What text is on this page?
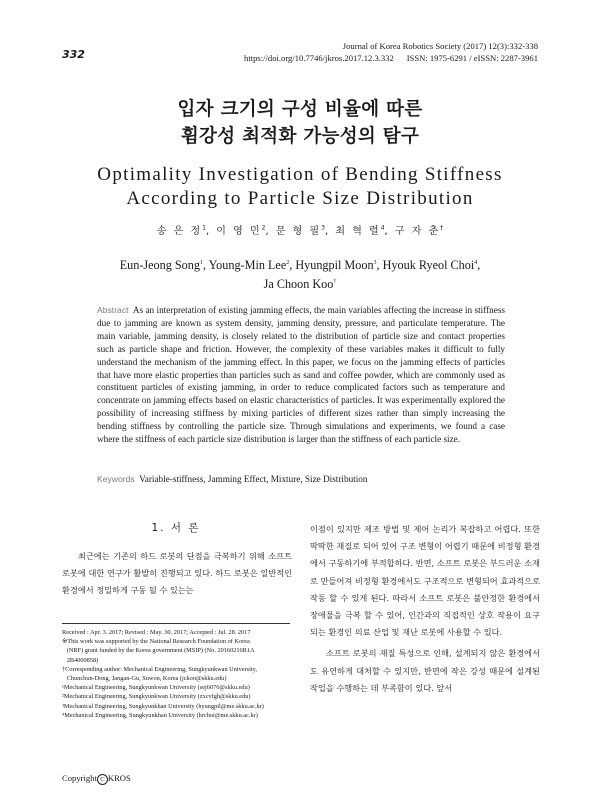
332
Journal of Korea Robotics Society (2017) 12(3):332-338
https://doi.org/10.7746/jkros.2017.12.3.332      ISSN: 1975-6291 / eISSN: 2287-3961
입자 크기의 구성 비율에 따른
휨강성 최적화 가능성의 탐구
Optimality Investigation of Bending Stiffness
According to Particle Size Distribution
송 은 정$^1$, 이 영 민$^2$, 문 형 필$^3$, 최 혁 렬$^4$, 구 자 춘†
Eun-Jeong Song$^1$, Young-Min Lee$^2$, Hyungpil Moon$^3$, Hyouk Ryeol Choi$^4$,
Ja Choon Koo†
Abstract As an interpretation of existing jamming effects, the main variables affecting the increase in stiffness due to jamming are known as system density, jamming density, pressure, and particulate temperature. The main variable, jamming density, is closely related to the distribution of particle size and contact properties such as particle shape and friction. However, the complexity of these variables makes it difficult to fully understand the mechanism of the jamming effect. In this paper, we focus on the jamming effects of particles that have more elastic properties than particles such as sand and coffee powder, which are commonly used as constituent particles of existing jamming, in order to reduce complicated factors such as temperature and concentrate on jamming effects based on elastic characteristics of particles. It was experimentally explored the possibility of increasing stiffness by mixing particles of different sizes rather than simply increasing the bending stiffness by controlling the particle size. Through simulations and experiments, we found a case where the stiffness of each particle size distribution is larger than the stiffness of each particle size.
Keywords Variable-stiffness, Jamming Effect, Mixture, Size Distribution
1. 서 론

최근에는 기존의 하드 로봇의 단점을 극복하기 위해 소프트 로봇에 대한 연구가 활발히 진행되고 있다. 하드 로봇은 일반적인 환경에서 정밀하게 구동 될 수 있는는

Received : Apr. 3. 2017; Revised : May. 30. 2017; Accepted : Jul. 28. 2017
※This work was supported by the National Research Foundation of Korea
(NRF) grant funded by the Korea government (MSIP) (No. 20160216R1A
2B4009858)
†Corresponding author: Mechanical Engineering, Sungkyunkwan University,
Chunchun-Dong, Jangan-Gu, Suwon, Korea (jckoo@skku.edu)
¹Mechanical Engineering, Sungkyunkwan University (sej6076@skku.edu)
²Mechanical Engineering, Sungkyunkwan University (zxcvfgh@skku.edu)
³Mechanical Engineering, Sungkyunkhan University (hyungpil@me.skku.ac.kr)
⁴Mechanical Engineering, Sungkyunkhan University (hrchoi@me.skku.ac.kr)
Copyright C KROS

이점이 있지만 제조 방법 및 제어 논리가 복잡하고 어렵다. 또한 딱딱한 재질로 되어 있어 구조 변형이 어렵기 때문에 비정형 환경에서 구동하기에 부적합하다. 반면, 소프트 로봇은 부드러운 소재로 만들어져 비정형 환경에서도 구조적으로 변형되어 효과적으로 작동 할 수 있게 된다. 따라서 소프트 로봇은 불안정한 환경에서 장애물을 극복 할 수 있어, 인간과의 직접적인 상호 작용이 요구되는 환경인 의료 산업 및 재난 로봇에 사용할 수 있다.

소프트 로봇의 재질 특성으로 인해, 설계되지 않은 환경에서도 유연하게 대처할 수 있지만, 반면에 작은 강성 때문에 설계된 작업을 수행하는 데 부족함이 있다. 앞서
